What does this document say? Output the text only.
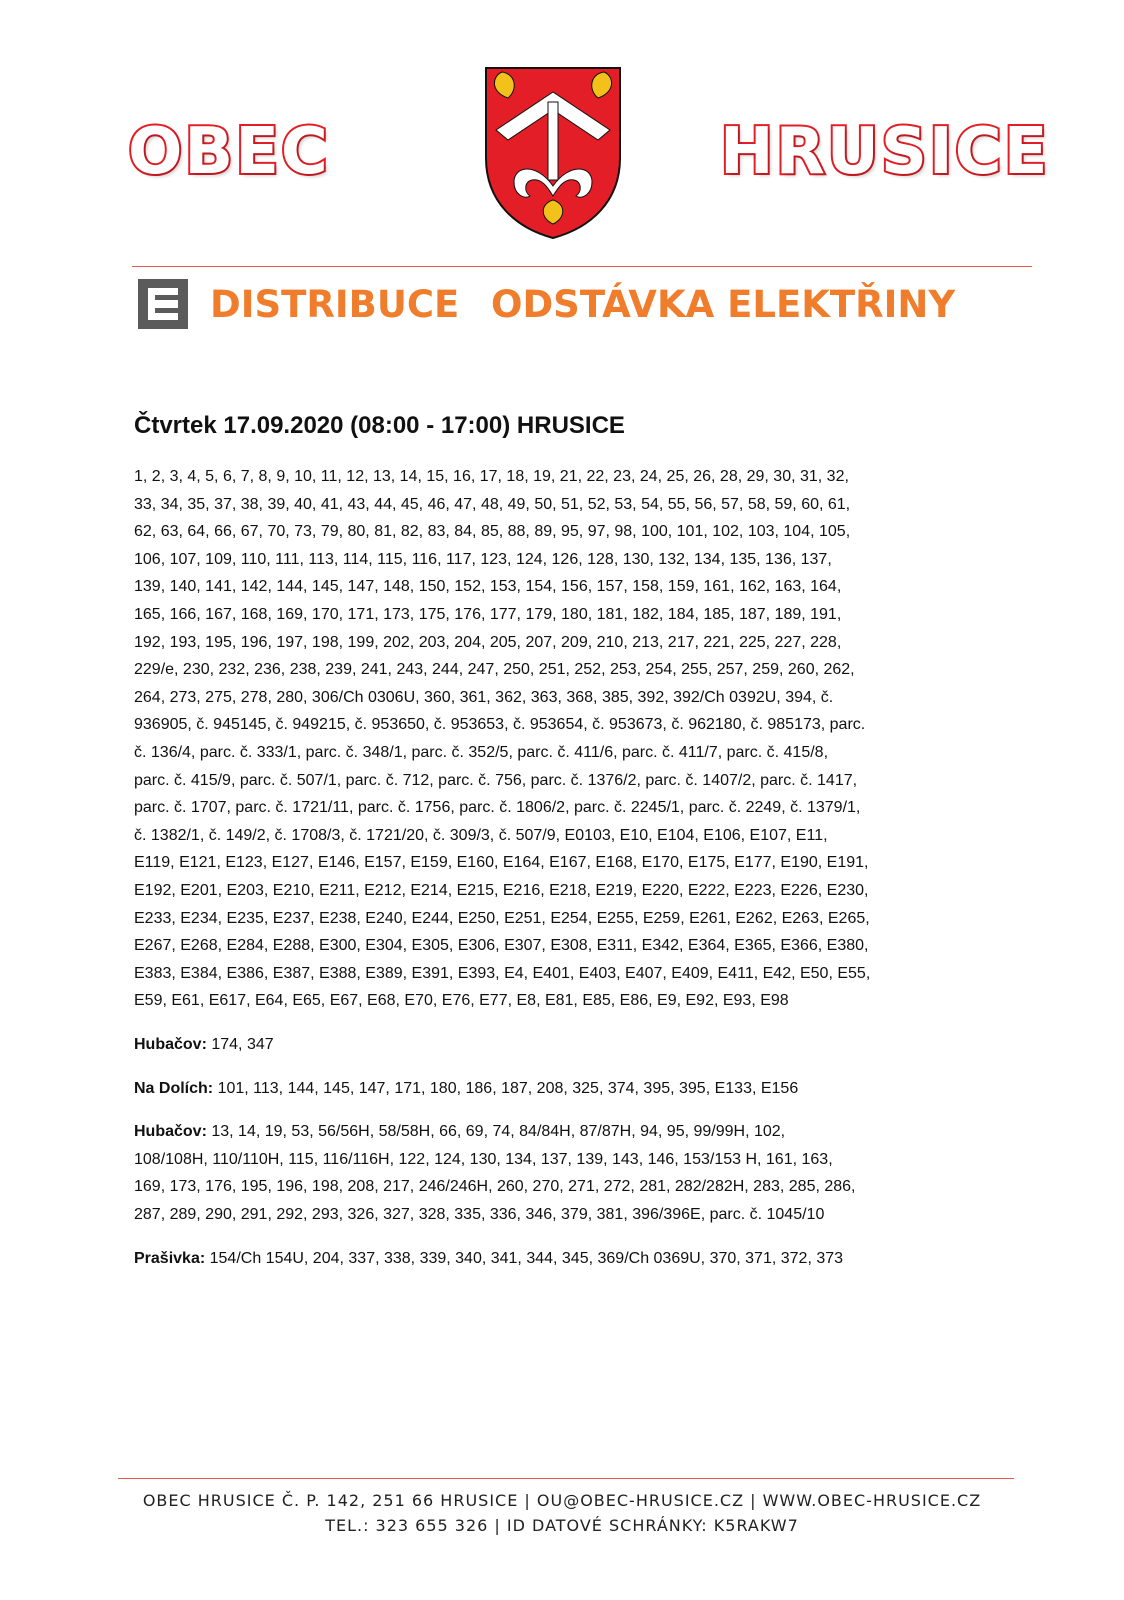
OBEC	HRUSICE
DISTRIBUCE ODSTÁVKA ELEKTŘINY
Čtvrtek 17.09.2020 (08:00 - 17:00) HRUSICE
1, 2, 3, 4, 5, 6, 7, 8, 9, 10, 11, 12, 13, 14, 15, 16, 17, 18, 19, 21, 22, 23, 24, 25, 26, 28, 29, 30, 31, 32,
33, 34, 35, 37, 38, 39, 40, 41, 43, 44, 45, 46, 47, 48, 49, 50, 51, 52, 53, 54, 55, 56, 57, 58, 59, 60, 61,
62, 63, 64, 66, 67, 70, 73, 79, 80, 81, 82, 83, 84, 85, 88, 89, 95, 97, 98, 100, 101, 102, 103, 104, 105,
106, 107, 109, 110, 111, 113, 114, 115, 116, 117, 123, 124, 126, 128, 130, 132, 134, 135, 136, 137,
139, 140, 141, 142, 144, 145, 147, 148, 150, 152, 153, 154, 156, 157, 158, 159, 161, 162, 163, 164,
165, 166, 167, 168, 169, 170, 171, 173, 175, 176, 177, 179, 180, 181, 182, 184, 185, 187, 189, 191,
192, 193, 195, 196, 197, 198, 199, 202, 203, 204, 205, 207, 209, 210, 213, 217, 221, 225, 227, 228,
229/e, 230, 232, 236, 238, 239, 241, 243, 244, 247, 250, 251, 252, 253, 254, 255, 257, 259, 260, 262,
264, 273, 275, 278, 280, 306/Ch 0306U, 360, 361, 362, 363, 368, 385, 392, 392/Ch 0392U, 394, č.
936905, č. 945145, č. 949215, č. 953650, č. 953653, č. 953654, č. 953673, č. 962180, č. 985173, parc.
č. 136/4, parc. č. 333/1, parc. č. 348/1, parc. č. 352/5, parc. č. 411/6, parc. č. 411/7, parc. č. 415/8,
parc. č. 415/9, parc. č. 507/1, parc. č. 712, parc. č. 756, parc. č. 1376/2, parc. č. 1407/2, parc. č. 1417,
parc. č. 1707, parc. č. 1721/11, parc. č. 1756, parc. č. 1806/2, parc. č. 2245/1, parc. č. 2249, č. 1379/1,
č. 1382/1, č. 149/2, č. 1708/3, č. 1721/20, č. 309/3, č. 507/9, E0103, E10, E104, E106, E107, E11,
E119, E121, E123, E127, E146, E157, E159, E160, E164, E167, E168, E170, E175, E177, E190, E191,
E192, E201, E203, E210, E211, E212, E214, E215, E216, E218, E219, E220, E222, E223, E226, E230,
E233, E234, E235, E237, E238, E240, E244, E250, E251, E254, E255, E259, E261, E262, E263, E265,
E267, E268, E284, E288, E300, E304, E305, E306, E307, E308, E311, E342, E364, E365, E366, E380,
E383, E384, E386, E387, E388, E389, E391, E393, E4, E401, E403, E407, E409, E411, E42, E50, E55,
E59, E61, E617, E64, E65, E67, E68, E70, E76, E77, E8, E81, E85, E86, E9, E92, E93, E98
Hubačov: 174, 347
Na Dolích: 101, 113, 144, 145, 147, 171, 180, 186, 187, 208, 325, 374, 395, 395, E133, E156
Hubačov: 13, 14, 19, 53, 56/56H, 58/58H, 66, 69, 74, 84/84H, 87/87H, 94, 95, 99/99H, 102,
108/108H, 110/110H, 115, 116/116H, 122, 124, 130, 134, 137, 139, 143, 146, 153/153 H, 161, 163,
169, 173, 176, 195, 196, 198, 208, 217, 246/246H, 260, 270, 271, 272, 281, 282/282H, 283, 285, 286,
287, 289, 290, 291, 292, 293, 326, 327, 328, 335, 336, 346, 379, 381, 396/396E, parc. č. 1045/10
Prašivka: 154/Ch 154U, 204, 337, 338, 339, 340, 341, 344, 345, 369/Ch 0369U, 370, 371, 372, 373
OBEC HRUSICE Č. P. 142, 251 66 HRUSICE | OU@OBEC-HRUSICE.CZ | WWW.OBEC-HRUSICE.CZ
TEL.: 323 655 326 | ID DATOVÉ SCHRÁNKY: K5RAKW7
